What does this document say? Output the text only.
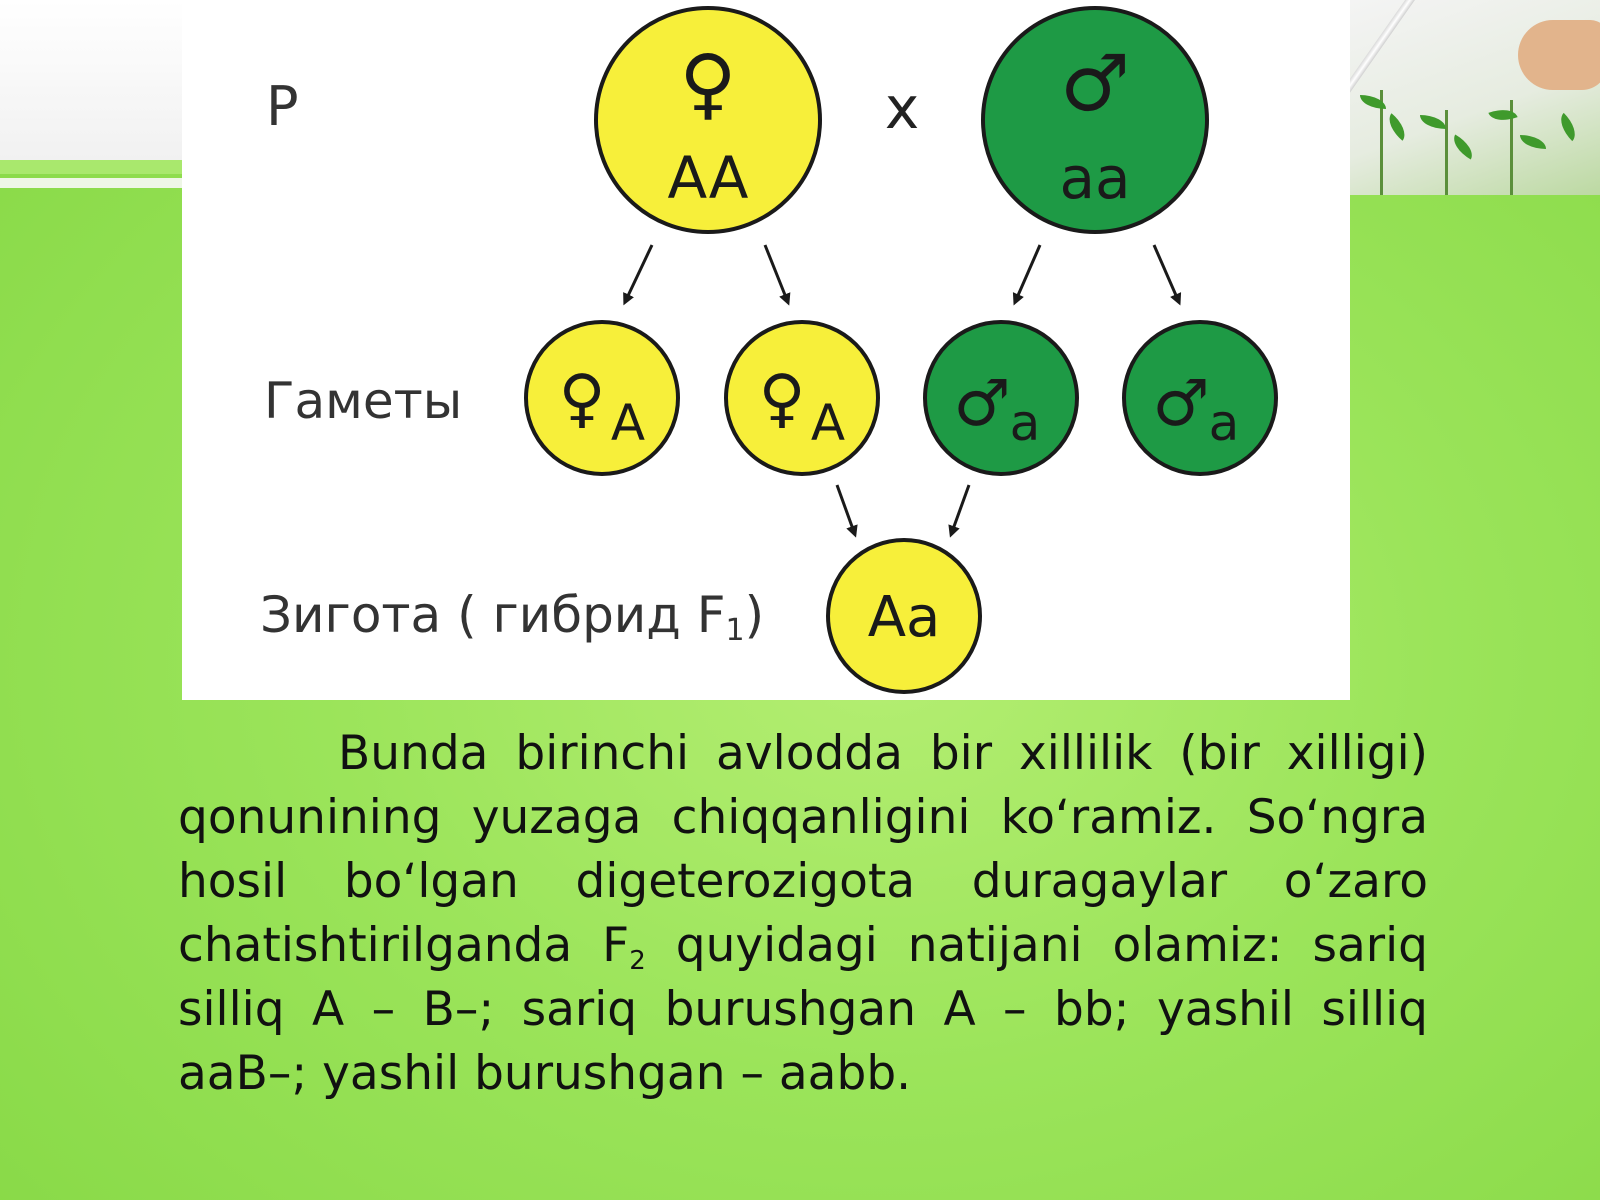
P
Гаметы
Зигота ( гибрид F1)
♀
AA
x ♂
aa
♀ A ♀ A ♂
a ♂
a
Aa
Bunda birinchi avlodda bir xillilik (bir xilligi) qonunining yuzaga chiqqanligini ko‘ramiz. So‘ngra hosil bo‘lgan digeterozigota duragaylar o‘zaro chatishtirilganda $F_2$ quyidagi natijani olamiz: sariq silliq A – B–; sariq burushgan A – bb; yashil silliq aaB–; yashil burushgan – aabb.
